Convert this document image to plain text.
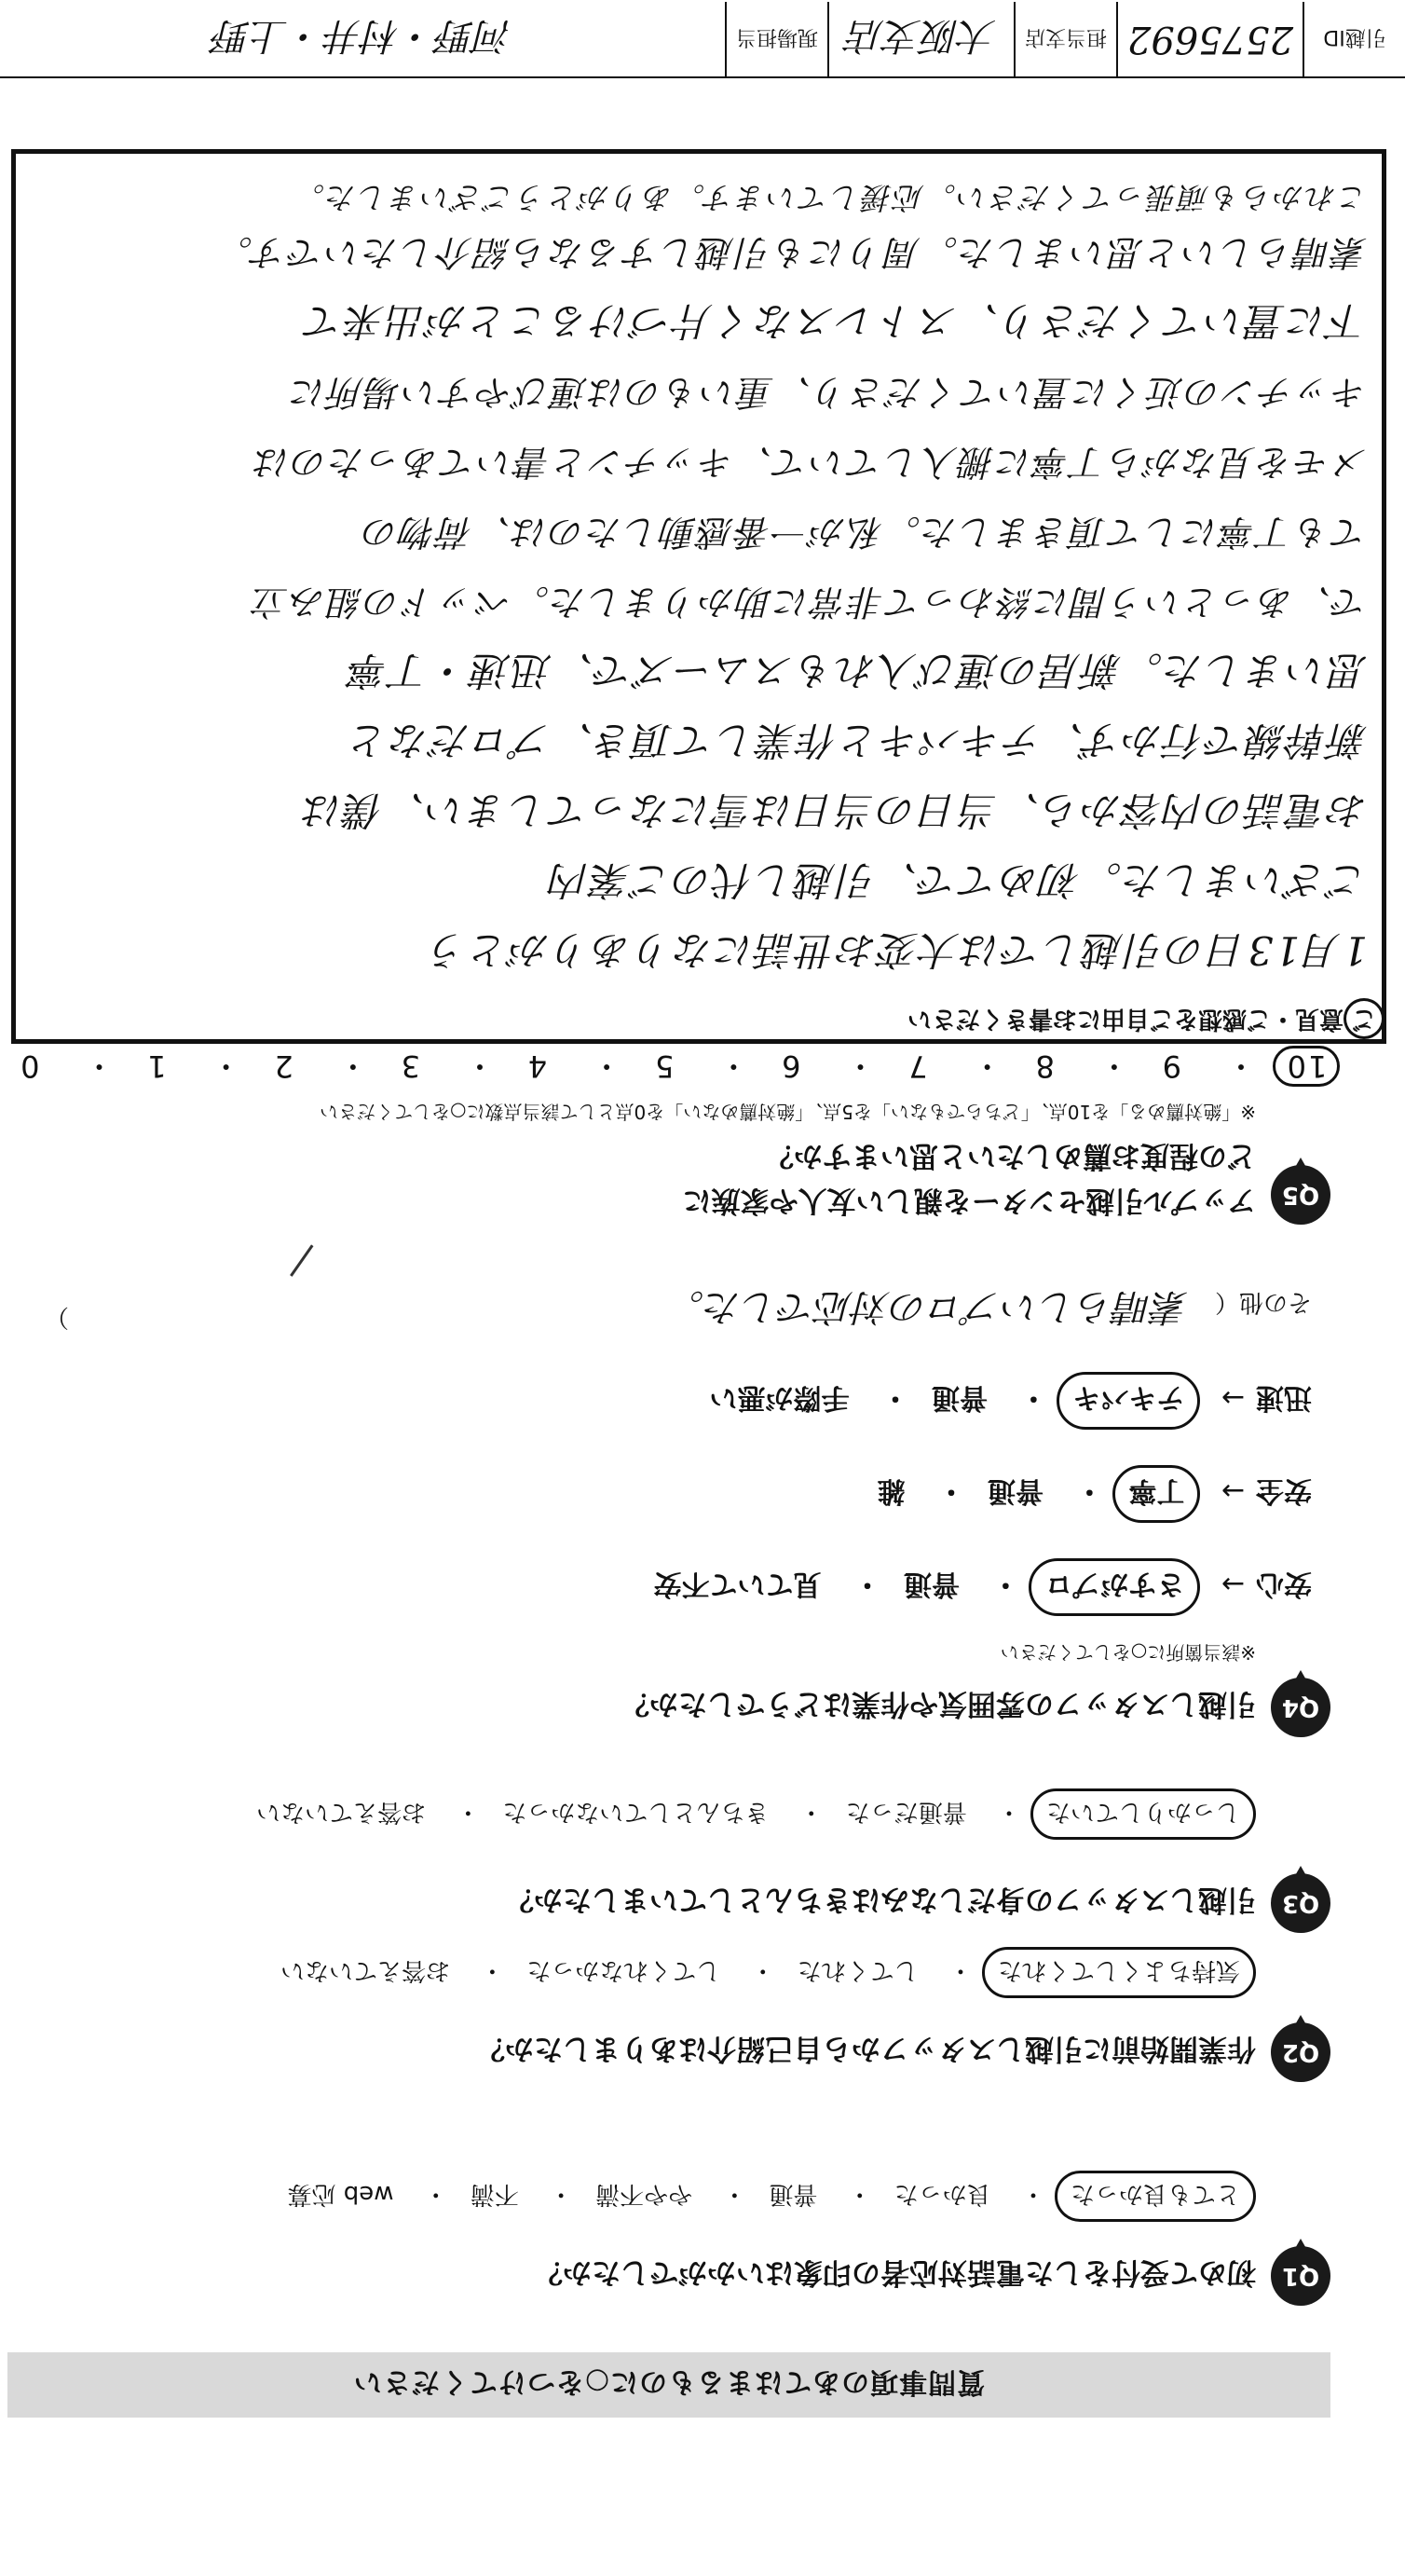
質問事項のあてはまるものに○をつけてください
Q1
初めて受付をした電話対応者の印象はいかがでしたか？
とても良かった・ 良かった・ 普通・ やや不満・ 不満・ web 応募
Q2
作業開始前に引越しスタッフから自己紹介はありましたか？
気持ちよくしてくれた・ してくれた・ してくれなかった・ お答えていない
Q3
引越しスタッフの身だしなみはきちんとしていましたか？
しっかりしていた・ 普通だった・ きちんとしていなかった・ お答えていない
Q4
引越しスタッフの雰囲気や作業はどうでしたか？
※該当箇所に○をしてください
安心→ さすがプロ・ 普通・ 見ていて不安
安全→ 丁寧・ 普通・ 雑
迅速→ テキパキ・ 普通・ 手際が悪い
その他（ 素晴らしいプロの対応でした。
）
Q5
アップル引越センターを親しい友人や家族に
どの程度お薦めしたいと思いますか？
※「絶対薦める」を10点、「どちらでもない」を5点、「絶対薦めない」を0点として該当点数に○をしてください
10・ 9・ 8・ 7・ 6・ 5・ 4・ 3・ 2・ 1・ 0
ご意見・ご感想をご自由にお書きください
1月13日の引越しでは大変お世話になりありがとう
ございました。初めてで、引越し代のご案内
お電話の内容から、当日の当日は雪になってしまい、僕は
新幹線で行かず、テキパキと作業して頂き、プロだなと
思いました。新居の運び入れもスムーズで、迅速・丁寧
で、あっという間に終わって非常に助かりました。ベッドの組み立
ても丁寧にして頂きました。私が一番感動したのは、荷物の
メモを見ながら丁寧に搬入していて、キッチンと書いてあったのは
キッチンの近くに置いてくださり、重いものは運びやすい場所に
下に置いてくださり、ストレスなく片づけることが出来て
素晴らしいと思いました。周りにも引越しするなら紹介したいです。
これからも頑張ってください。応援しています。ありがとうございました。
引越ID
2575692
担当支店
大阪支店
現場担当
河野・村井・上野
